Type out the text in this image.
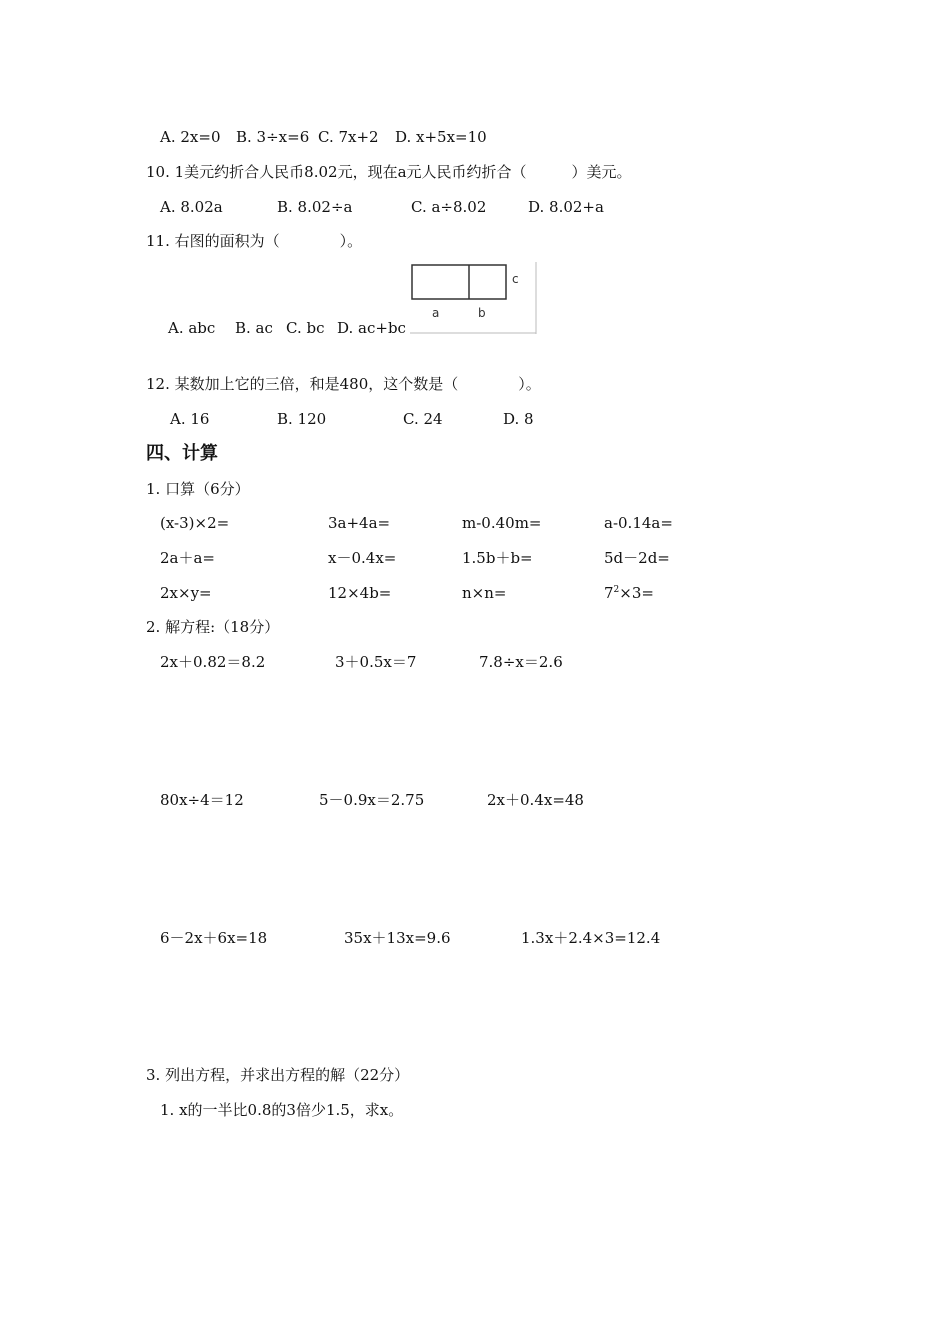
A. 2x=0 B. 3÷x=6 C. 7x+2 D. x+5x=10
10. 1美元约折合人民币8.02元，现在a元人民币约折合（　　　）美元。
A. 8.02a	B. 8.02÷a	C. a÷8.02	D. 8.02+a
11. 右图的面积为（　　　　）。
A. abc B. ac C. bc D. ac+bc
a	b
c
12. 某数加上它的三倍，和是480，这个数是（　　　　）。
A. 16	B. 120	C. 24	D. 8
四、计算
1. 口算（6分）
(x-3)×2=	3a+4a=	m-0.40m=	a-0.14a=
2a＋a=	x－0.4x=	1.5b＋b=	5d－2d=
2x×y=	12×4b=	n×n=	$7^2\times 3=$
2. 解方程:（18分）
2x＋0.82＝8.2	3＋0.5x＝7	7.8÷x＝2.6
80x÷4＝12	5－0.9x＝2.75	2x＋0.4x=48
6－2x＋6x=18	35x＋13x=9.6	1.3x＋2.4×3=12.4
3. 列出方程，并求出方程的解（22分）
1. x的一半比0.8的3倍少1.5，求x。
